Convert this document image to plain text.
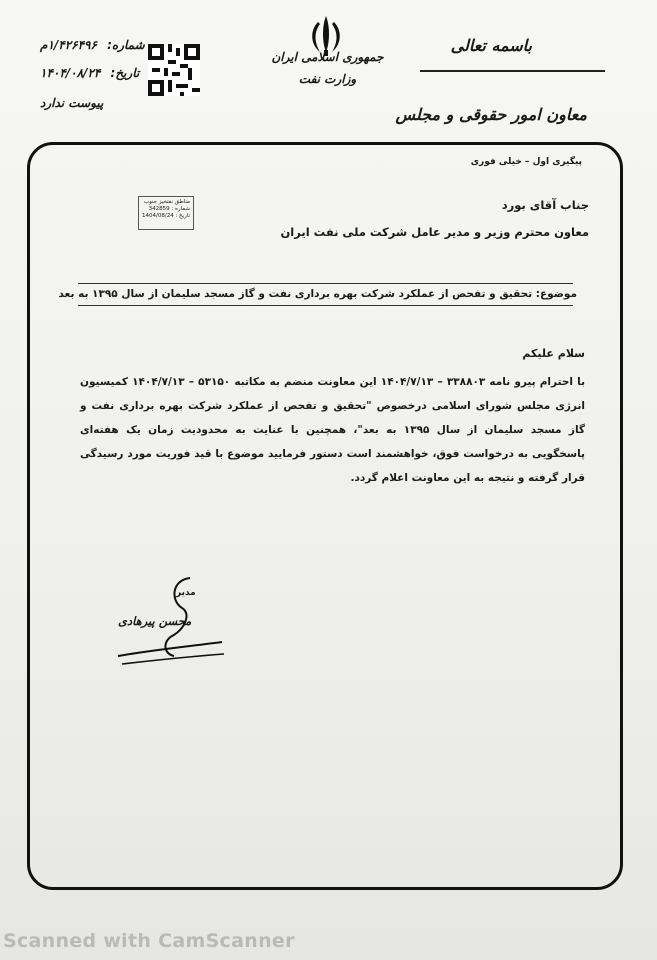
باسمه تعالی
معاون امور حقوقی و مجلس
جمهوری اسلامی ایران
وزارت نفت
شماره: ۱/۴۲۶۴۹۶م
تاریخ: ۱۴۰۴/۰۸/۲۴
پیوست ندارد
پیگیری اول – خیلی فوری
مناطق نفتخیز جنوب
شماره : 342859
تاریخ : 1404/08/24
جناب آقای بورد
معاون محترم وزیر و مدیر عامل شرکت ملی نفت ایران
موضوع: تحقیق و تفحص از عملکرد شرکت بهره برداری نفت و گاز مسجد سلیمان از سال ۱۳۹۵ به بعد
سلام علیکم
با احترام پیرو نامه ۳۳۸۸۰۳ – ۱۴۰۴/۷/۱۳ این معاونت منضم به مکاتبه ۵۳۱۵۰ – ۱۴۰۴/۷/۱۳ کمیسیون انرژی مجلس شورای اسلامی درخصوص "تحقیق و تفحص از عملکرد شرکت بهره برداری نفت و گاز مسجد سلیمان از سال ۱۳۹۵ به بعد"، همچنین با عنایت به محدودیت زمان یک هفته‌ای پاسخگویی به درخواست فوق، خواهشمند است دستور فرمایید موضوع با قید فوریت مورد رسیدگی قرار گرفته و نتیجه به این معاونت اعلام گردد.
مدیر
محسن پیرهادی
Scanned with CamScanner
